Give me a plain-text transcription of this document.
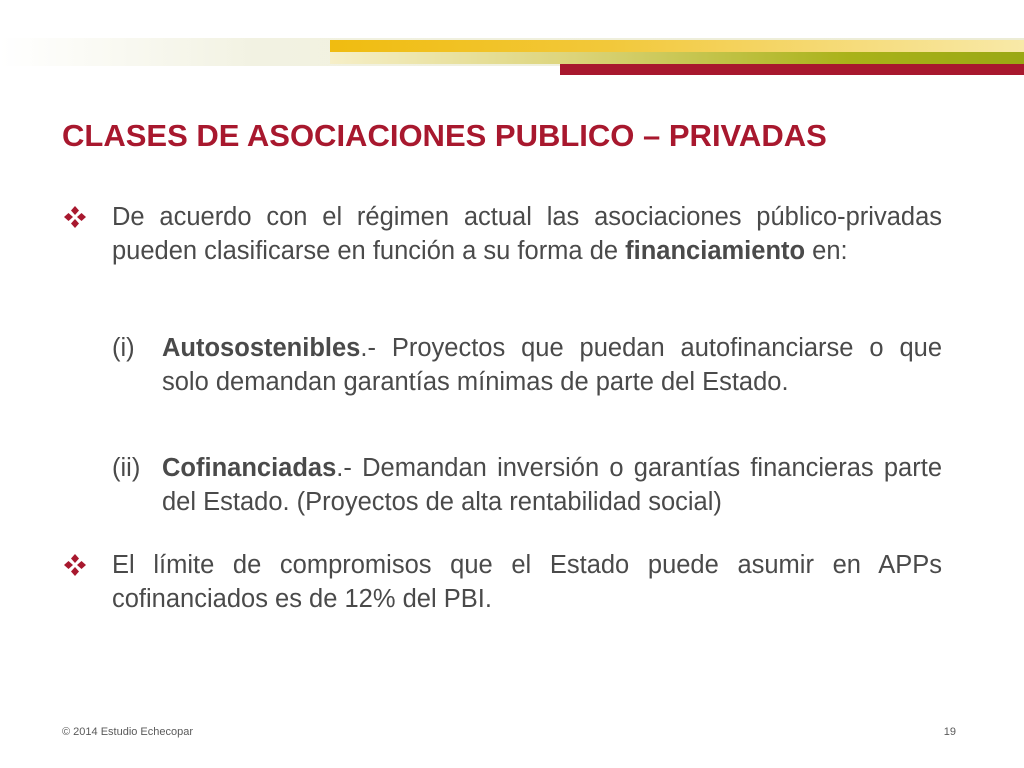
CLASES DE ASOCIACIONES PUBLICO – PRIVADAS

De acuerdo con el régimen actual las asociaciones público-privadas pueden clasificarse en función a su forma de financiamiento en:

(i) Autosostenibles.- Proyectos que puedan autofinanciarse o que solo demandan garantías mínimas de parte del Estado.

(ii) Cofinanciadas.- Demandan inversión o garantías financieras parte del Estado. (Proyectos de alta rentabilidad social)

El límite de compromisos que el Estado puede asumir en APPs cofinanciados es de 12% del PBI.

© 2014 Estudio Echecopar	19
